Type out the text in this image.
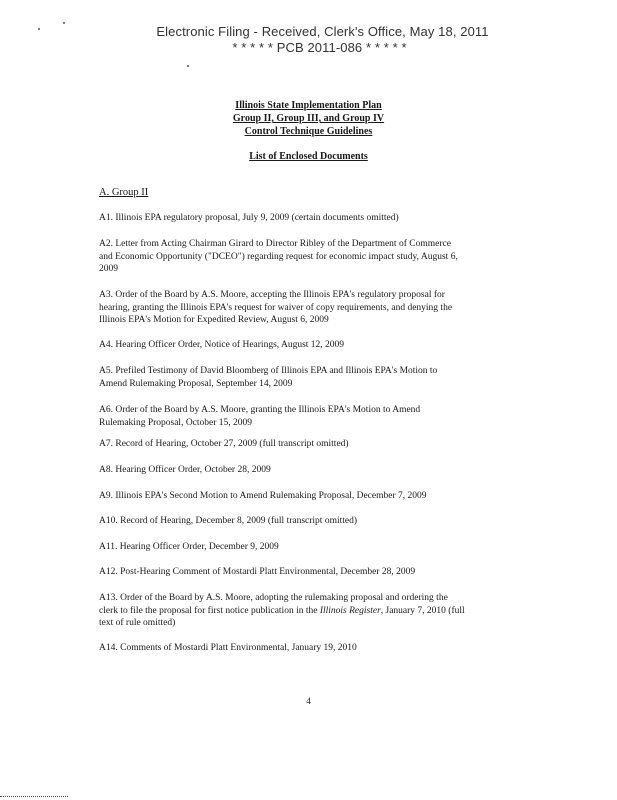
Electronic Filing - Received, Clerk's Office, May 18, 2011
* * * * * PCB 2011-086 * * * * *
Illinois State Implementation Plan
Group II, Group III, and Group IV
Control Technique Guidelines
List of Enclosed Documents
A. Group II
A1. Illinois EPA regulatory proposal, July 9, 2009 (certain documents omitted)
A2. Letter from Acting Chairman Girard to Director Ribley of the Department of Commerce
and Economic Opportunity ("DCEO") regarding request for economic impact study, August 6,
2009
A3. Order of the Board by A.S. Moore, accepting the Illinois EPA's regulatory proposal for
hearing, granting the Illinois EPA's request for waiver of copy requirements, and denying the
Illinois EPA's Motion for Expedited Review, August 6, 2009
A4. Hearing Officer Order, Notice of Hearings, August 12, 2009
A5. Prefiled Testimony of David Bloomberg of Illinois EPA and Illinois EPA's Motion to
Amend Rulemaking Proposal, September 14, 2009
A6. Order of the Board by A.S. Moore, granting the Illinois EPA's Motion to Amend
Rulemaking Proposal, October 15, 2009
A7. Record of Hearing, October 27, 2009 (full transcript omitted)
A8. Hearing Officer Order, October 28, 2009
A9. Illinois EPA's Second Motion to Amend Rulemaking Proposal, December 7, 2009
A10. Record of Hearing, December 8, 2009 (full transcript omitted)
A11. Hearing Officer Order, December 9, 2009
A12. Post-Hearing Comment of Mostardi Platt Environmental, December 28, 2009
A13. Order of the Board by A.S. Moore, adopting the rulemaking proposal and ordering the
clerk to file the proposal for first notice publication in the Illinois Register, January 7, 2010 (full
text of rule omitted)
A14. Comments of Mostardi Platt Environmental, January 19, 2010
4
